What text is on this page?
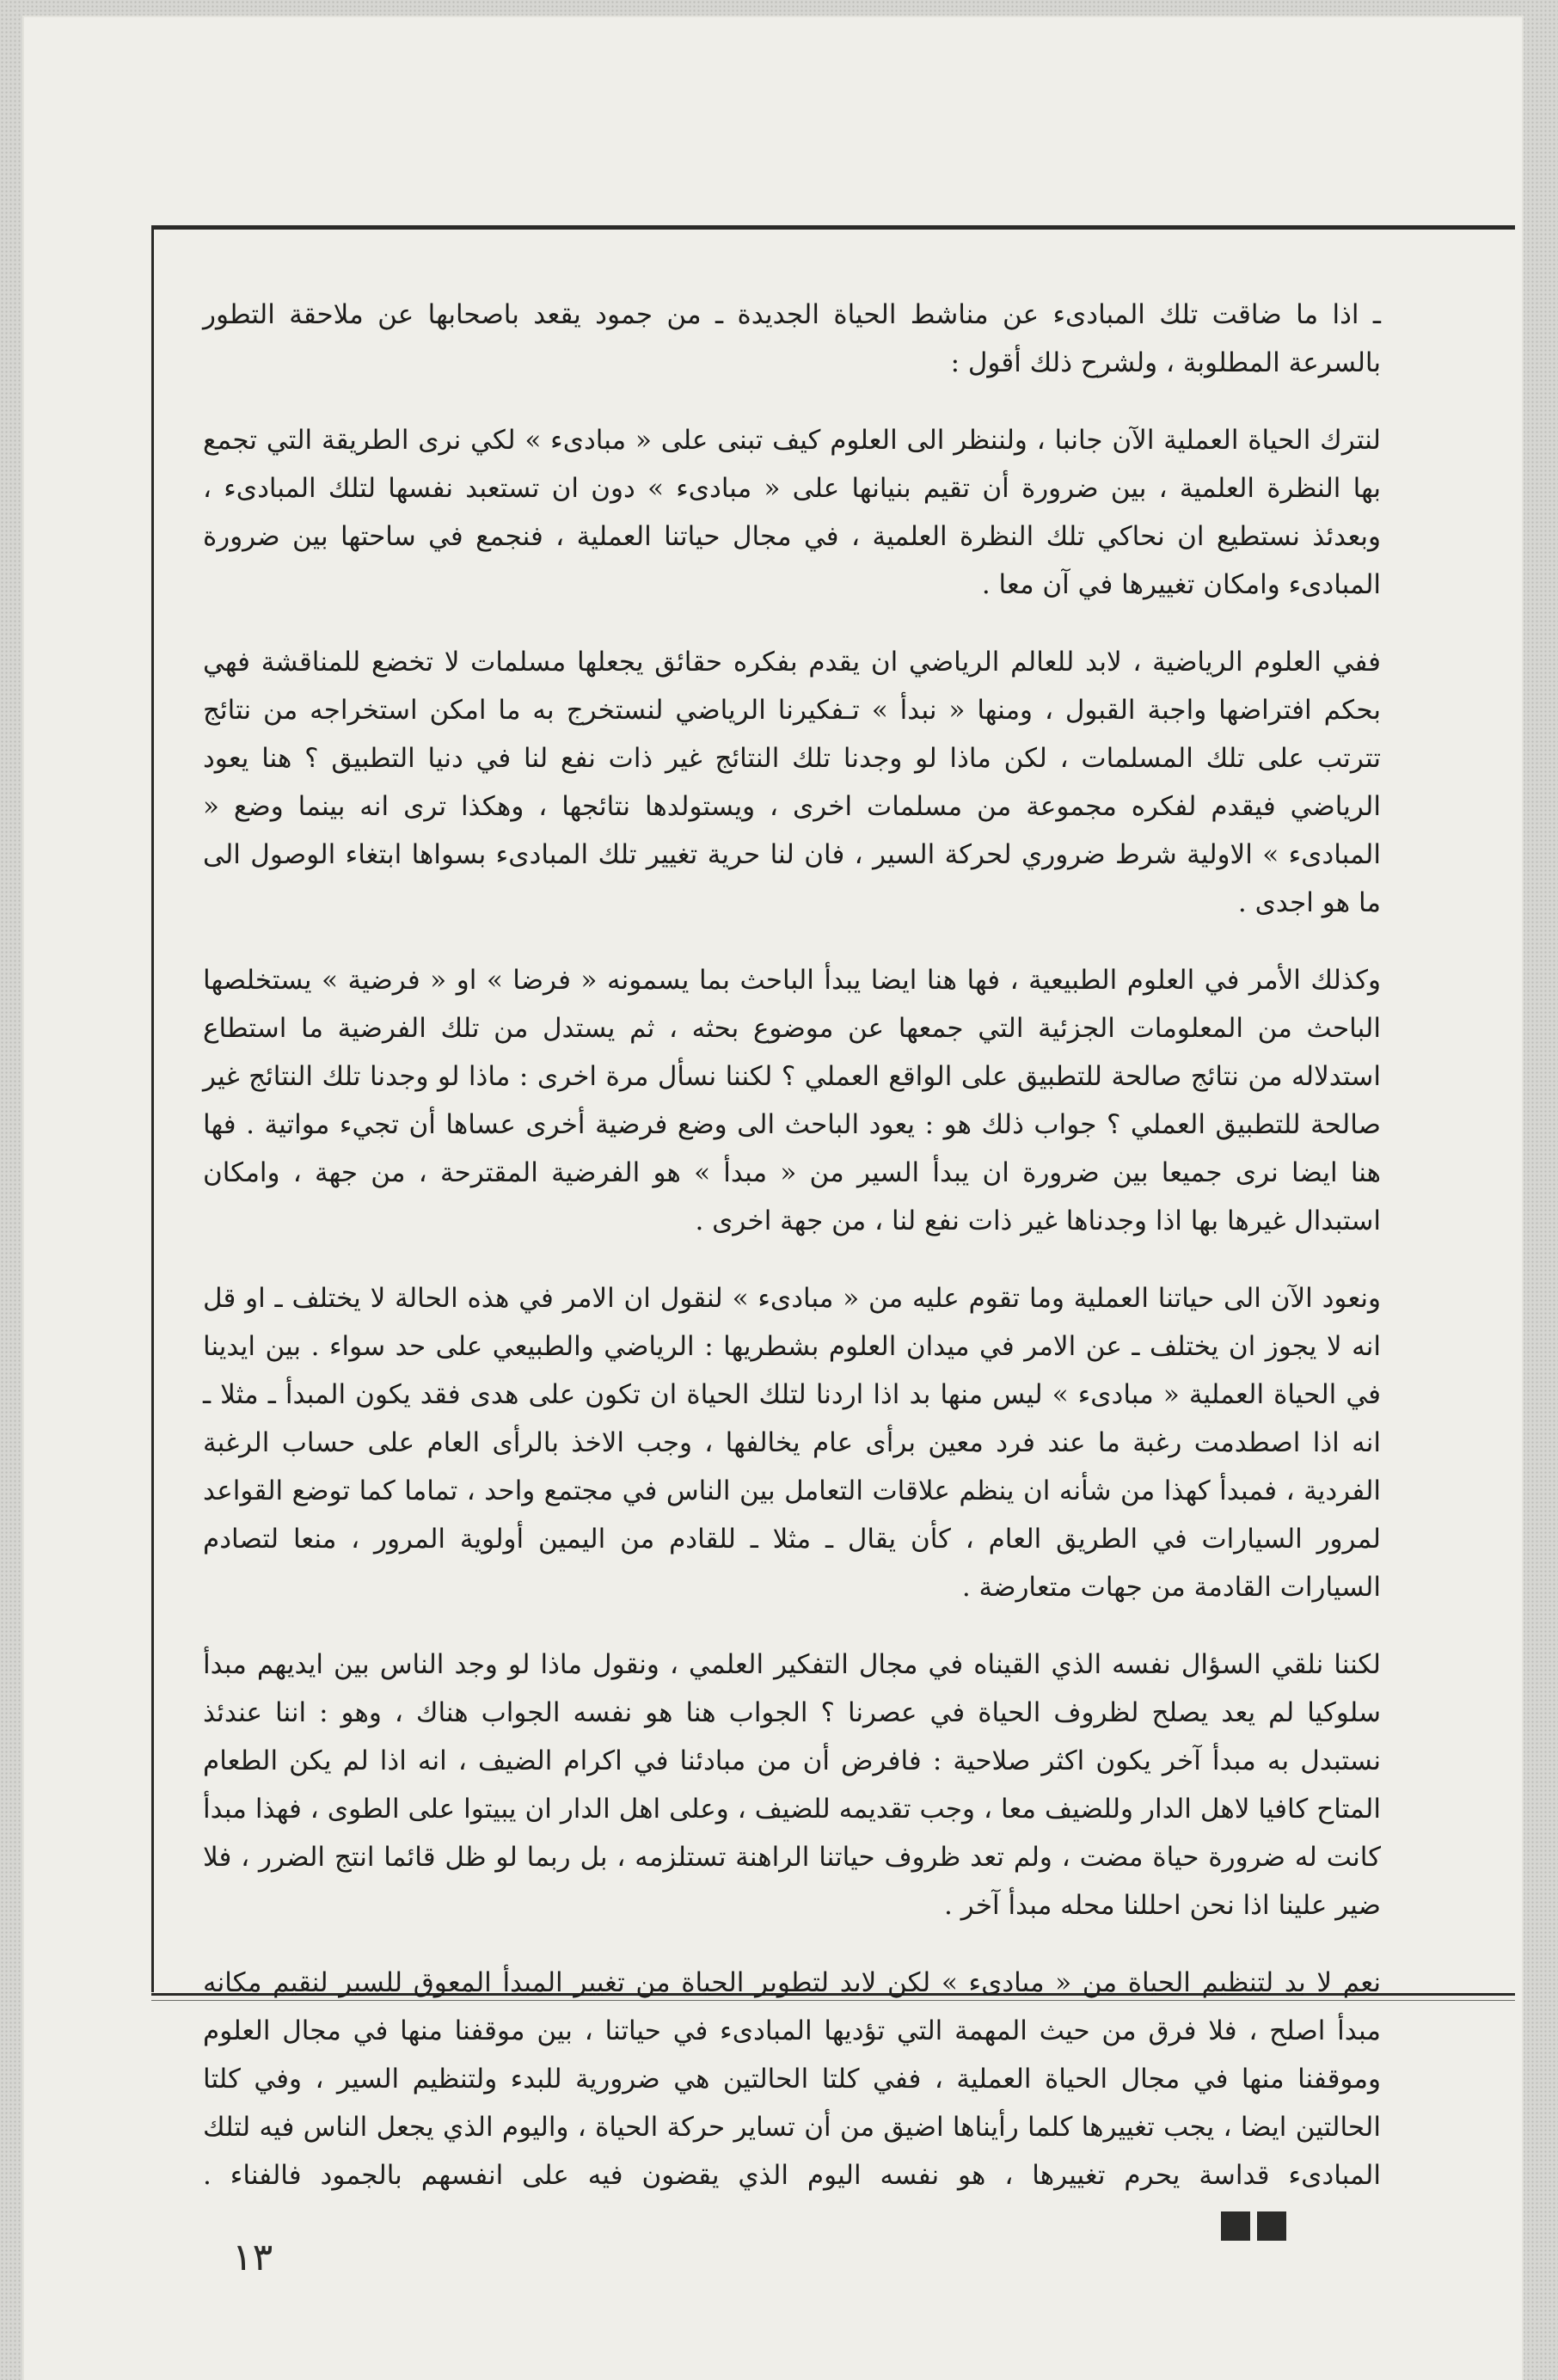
ـ اذا ما ضاقت تلك المبادىء عن مناشط الحياة الجديدة ـ من جمود يقعد باصحابها عن ملاحقة التطور بالسرعة المطلوبة ، ولشرح ذلك أقول :

لنترك الحياة العملية الآن جانبا ، ولننظر الى العلوم كيف تبنى على « مبادىء » لكي نرى الطريقة التي تجمع بها النظرة العلمية ، بين ضرورة أن تقيم بنيانها على « مبادىء » دون ان تستعبد نفسها لتلك المبادىء ، وبعدئذ نستطيع ان نحاكي تلك النظرة العلمية ، في مجال حياتنا العملية ، فنجمع في ساحتها بين ضرورة المبادىء وامكان تغييرها في آن معا .

ففي العلوم الرياضية ، لابد للعالم الرياضي ان يقدم بفكره حقائق يجعلها مسلمات لا تخضع للمناقشة فهي بحكم افتراضها واجبة القبول ، ومنها « نبدأ » تـفكيرنا الرياضي لنستخرج به ما امكن استخراجه من نتائج تترتب على تلك المسلمات ، لكن ماذا لو وجدنا تلك النتائج غير ذات نفع لنا في دنيا التطبيق ؟ هنا يعود الرياضي فيقدم لفكره مجموعة من مسلمات اخرى ، ويستولدها نتائجها ، وهكذا ترى انه بينما وضع « المبادىء » الاولية شرط ضروري لحركة السير ، فان لنا حرية تغيير تلك المبادىء بسواها ابتغاء الوصول الى ما هو اجدى .

وكذلك الأمر في العلوم الطبيعية ، فها هنا ايضا يبدأ الباحث بما يسمونه « فرضا » او « فرضية » يستخلصها الباحث من المعلومات الجزئية التي جمعها عن موضوع بحثه ، ثم يستدل من تلك الفرضية ما استطاع استدلاله من نتائج صالحة للتطبيق على الواقع العملي ؟ لكننا نسأل مرة اخرى : ماذا لو وجدنا تلك النتائج غير صالحة للتطبيق العملي ؟ جواب ذلك هو : يعود الباحث الى وضع فرضية أخرى عساها أن تجيء مواتية . فها هنا ايضا نرى جميعا بين ضرورة ان يبدأ السير من « مبدأ » هو الفرضية المقترحة ، من جهة ، وامكان استبدال غيرها بها اذا وجدناها غير ذات نفع لنا ، من جهة اخرى .

ونعود الآن الى حياتنا العملية وما تقوم عليه من « مبادىء » لنقول ان الامر في هذه الحالة لا يختلف ـ او قل انه لا يجوز ان يختلف ـ عن الامر في ميدان العلوم بشطريها : الرياضي والطبيعي على حد سواء . بين ايدينا في الحياة العملية « مبادىء » ليس منها بد اذا اردنا لتلك الحياة ان تكون على هدى فقد يكون المبدأ ـ مثلا ـ انه اذا اصطدمت رغبة ما عند فرد معين برأى عام يخالفها ، وجب الاخذ بالرأى العام على حساب الرغبة الفردية ، فمبدأ كهذا من شأنه ان ينظم علاقات التعامل بين الناس في مجتمع واحد ، تماما كما توضع القواعد لمرور السيارات في الطريق العام ، كأن يقال ـ مثلا ـ للقادم من اليمين أولوية المرور ، منعا لتصادم السيارات القادمة من جهات متعارضة .

لكننا نلقي السؤال نفسه الذي القيناه في مجال التفكير العلمي ، ونقول ماذا لو وجد الناس بين ايديهم مبدأ سلوكيا لم يعد يصلح لظروف الحياة في عصرنا ؟ الجواب هنا هو نفسه الجواب هناك ، وهو : اننا عندئذ نستبدل به مبدأ آخر يكون اكثر صلاحية : فافرض أن من مبادئنا في اكرام الضيف ، انه اذا لم يكن الطعام المتاح كافيا لاهل الدار وللضيف معا ، وجب تقديمه للضيف ، وعلى اهل الدار ان يبيتوا على الطوى ، فهذا مبدأ كانت له ضرورة حياة مضت ، ولم تعد ظروف حياتنا الراهنة تستلزمه ، بل ربما لو ظل قائما انتج الضرر ، فلا ضير علينا اذا نحن احللنا محله مبدأ آخر .

نعم لا بد لتنظيم الحياة من « مبادىء » لكن لابد لتطوير الحياة من تغيير المبدأ المعوق للسير لنقيم مكانه مبدأ اصلح ، فلا فرق من حيث المهمة التي تؤديها المبادىء في حياتنا ، بين موقفنا منها في مجال العلوم وموقفنا منها في مجال الحياة العملية ، ففي كلتا الحالتين هي ضرورية للبدء ولتنظيم السير ، وفي كلتا الحالتين ايضا ، يجب تغييرها كلما رأيناها اضيق من أن تساير حركة الحياة ، واليوم الذي يجعل الناس فيه لتلك المبادىء قداسة يحرم تغييرها ، هو نفسه اليوم الذي يقضون فيه على انفسهم بالجمود فالفناء .

١٣
